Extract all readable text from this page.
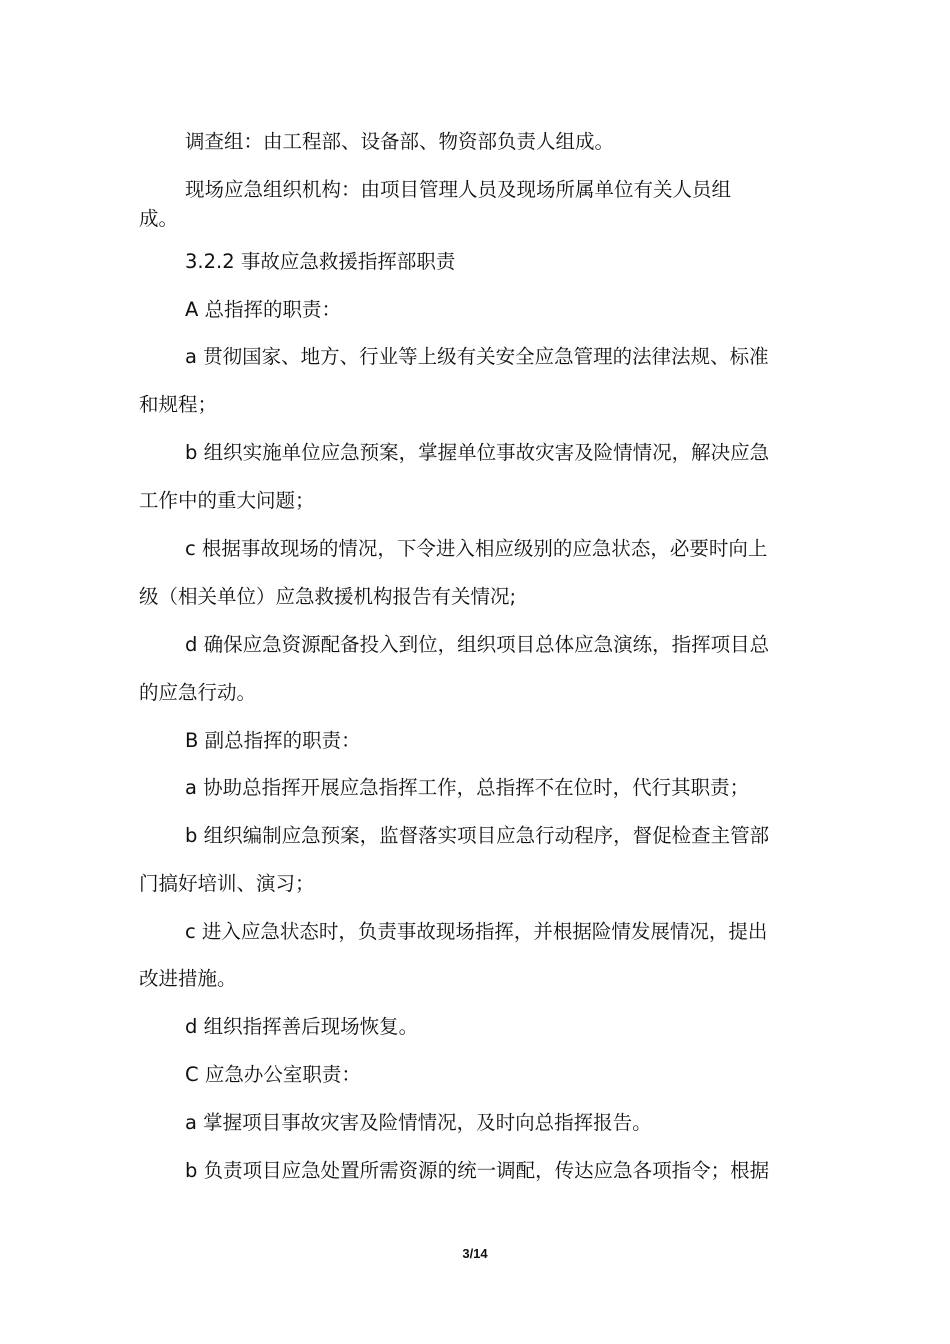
调查组：由工程部、设备部、物资部负责人组成。
现场应急组织机构：由项目管理人员及现场所属单位有关人员组
成。
3.2.2 事故应急救援指挥部职责
A 总指挥的职责：
a 贯彻国家、地方、行业等上级有关安全应急管理的法律法规、标准
和规程；
b 组织实施单位应急预案，掌握单位事故灾害及险情情况，解决应急
工作中的重大问题；
c 根据事故现场的情况，下令进入相应级别的应急状态，必要时向上
级（相关单位）应急救援机构报告有关情况;
d 确保应急资源配备投入到位，组织项目总体应急演练，指挥项目总
的应急行动。
B 副总指挥的职责：
a 协助总指挥开展应急指挥工作，总指挥不在位时，代行其职责；
b 组织编制应急预案，监督落实项目应急行动程序，督促检查主管部
门搞好培训、演习；
c 进入应急状态时，负责事故现场指挥，并根据险情发展情况，提出
改进措施。
d 组织指挥善后现场恢复。
C 应急办公室职责：
a 掌握项目事故灾害及险情情况，及时向总指挥报告。
b 负责项目应急处置所需资源的统一调配，传达应急各项指令；根据
3/14
